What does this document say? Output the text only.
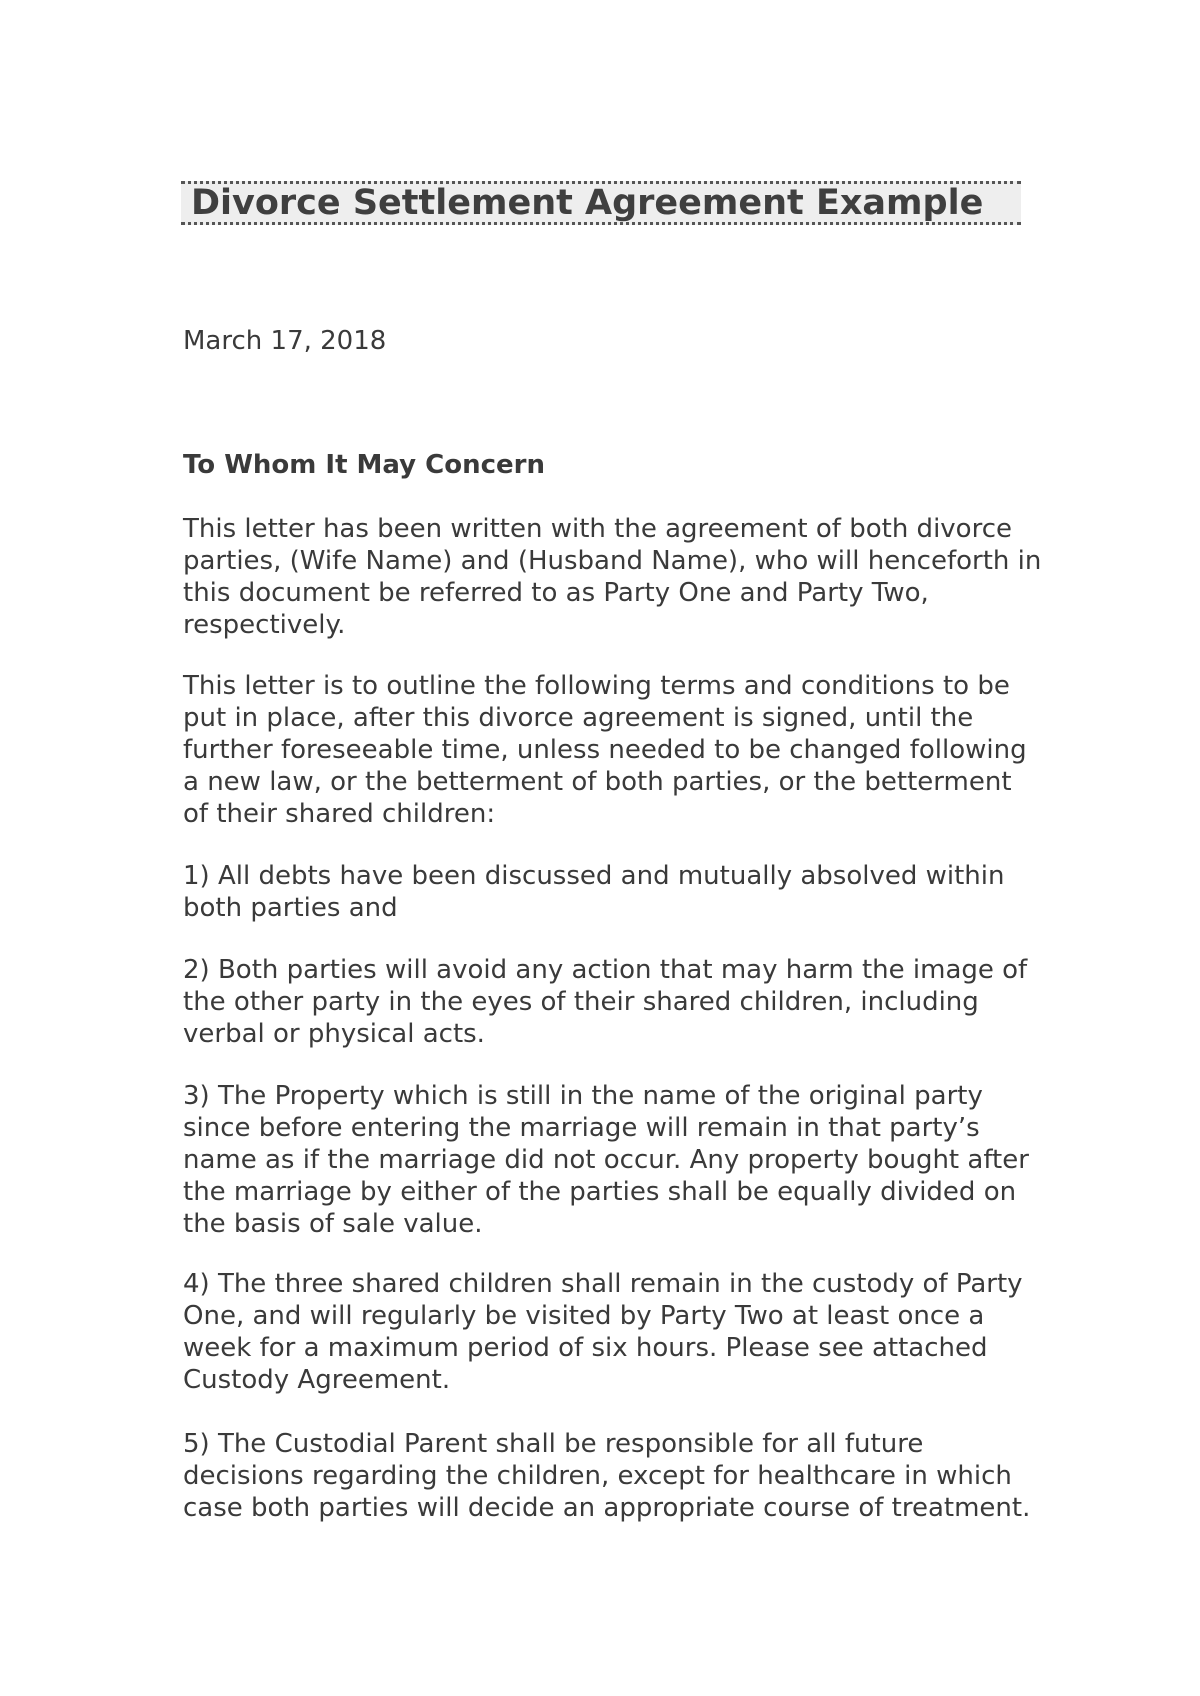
Divorce Settlement Agreement Example

March 17, 2018

To Whom It May Concern

This letter has been written with the agreement of both divorce parties, (Wife Name) and (Husband Name), who will henceforth in this document be referred to as Party One and Party Two, respectively.

This letter is to outline the following terms and conditions to be put in place, after this divorce agreement is signed, until the further foreseeable time, unless needed to be changed following a new law, or the betterment of both parties, or the betterment of their shared children:

1) All debts have been discussed and mutually absolved within both parties and

2) Both parties will avoid any action that may harm the image of the other party in the eyes of their shared children, including verbal or physical acts.

3) The Property which is still in the name of the original party since before entering the marriage will remain in that party’s name as if the marriage did not occur. Any property bought after the marriage by either of the parties shall be equally divided on the basis of sale value.

4) The three shared children shall remain in the custody of Party One, and will regularly be visited by Party Two at least once a week for a maximum period of six hours. Please see attached Custody Agreement.

5) The Custodial Parent shall be responsible for all future decisions regarding the children, except for healthcare in which case both parties will decide an appropriate course of treatment.
